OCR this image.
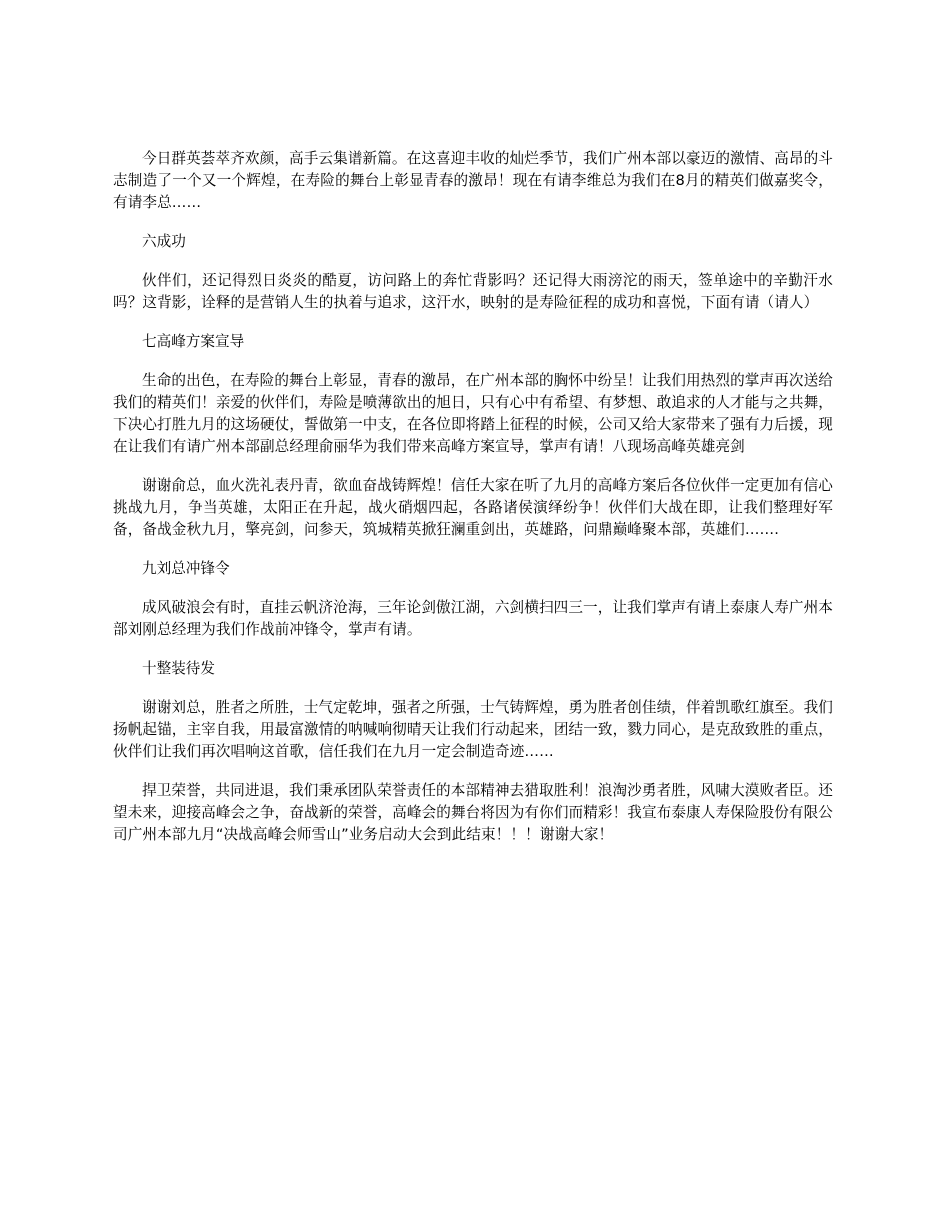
今日群英荟萃齐欢颜，高手云集谱新篇。在这喜迎丰收的灿烂季节，我们广州本部以豪迈的激情、高昂的斗志制造了一个又一个辉煌，在寿险的舞台上彰显青春的激昂！现在有请李维总为我们在8月的精英们做嘉奖令，有请李总……

六成功

伙伴们，还记得烈日炎炎的酷夏，访问路上的奔忙背影吗？还记得大雨滂沱的雨天，签单途中的辛勤汗水吗？这背影，诠释的是营销人生的执着与追求，这汗水，映射的是寿险征程的成功和喜悦，下面有请（请人）

七高峰方案宣导

生命的出色，在寿险的舞台上彰显，青春的激昂，在广州本部的胸怀中纷呈！让我们用热烈的掌声再次送给我们的精英们！亲爱的伙伴们，寿险是喷薄欲出的旭日，只有心中有希望、有梦想、敢追求的人才能与之共舞，下决心打胜九月的这场硬仗，誓做第一中支，在各位即将踏上征程的时候，公司又给大家带来了强有力后援，现在让我们有请广州本部副总经理俞丽华为我们带来高峰方案宣导，掌声有请！八现场高峰英雄亮剑

谢谢俞总，血火洗礼表丹青，欲血奋战铸辉煌！信任大家在听了九月的高峰方案后各位伙伴一定更加有信心挑战九月，争当英雄，太阳正在升起，战火硝烟四起，各路诸侯演绎纷争！伙伴们大战在即，让我们整理好军备，备战金秋九月，擎亮剑，问参天，筑城精英掀狂澜重剑出，英雄路，问鼎巅峰聚本部，英雄们…….

九刘总冲锋令

成风破浪会有时，直挂云帆济沧海，三年论剑傲江湖，六剑横扫四三一，让我们掌声有请上泰康人寿广州本部刘刚总经理为我们作战前冲锋令，掌声有请。

十整装待发

谢谢刘总，胜者之所胜，士气定乾坤，强者之所强，士气铸辉煌，勇为胜者创佳绩，伴着凯歌红旗至。我们扬帆起锚，主宰自我，用最富激情的呐喊响彻晴天让我们行动起来，团结一致，戮力同心，是克敌致胜的重点，伙伴们让我们再次唱响这首歌，信任我们在九月一定会制造奇迹……

捍卫荣誉，共同进退，我们秉承团队荣誉责任的本部精神去猎取胜利！浪淘沙勇者胜，风啸大漠败者臣。还望未来，迎接高峰会之争，奋战新的荣誉，高峰会的舞台将因为有你们而精彩！我宣布泰康人寿保险股份有限公司广州本部九月“决战高峰会师雪山”业务启动大会到此结束！！！谢谢大家！
